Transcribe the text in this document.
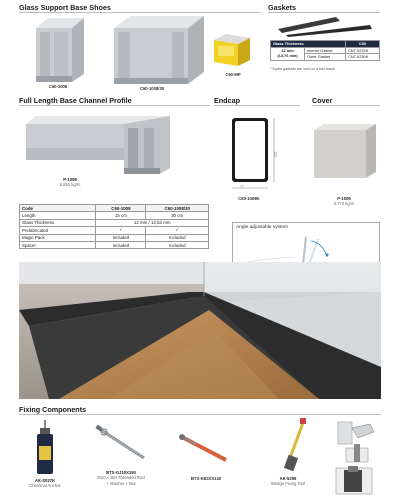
Glass Support Base Shoes	Gaskets
C60-1008	C60-1008/30
C60-MP
Glass Thickness		C60
12 mm
(13,76 mm)	Interior Gasket	CNT-0232K
	Outer Gasket	CNT-0230K
* Epdm gaskets are sold on a box basis.
Full Length Base Channel Profile	Endcap	Cover
P-1008
5,852 kg/m
122
77
C60-1008K	P-1009
0,774 kg/m
Code	C60-1008	C60-1008/30
Length	15 cm	30 cm
Glass Thickness	12 mm / 13,52 mm	
Prefabricated	✓	✓
Magic Pack	Included	Included
Spacer	Included	Included
Angle adjustable system
Fixing Components
AK-S027K
Chemical Anchor
BTS-GJ10X150
M10 x 150 Threaded Rod
+ Washer + Nut
BTS-KB10X140	AK-5299
Wedge Fixing Tool
